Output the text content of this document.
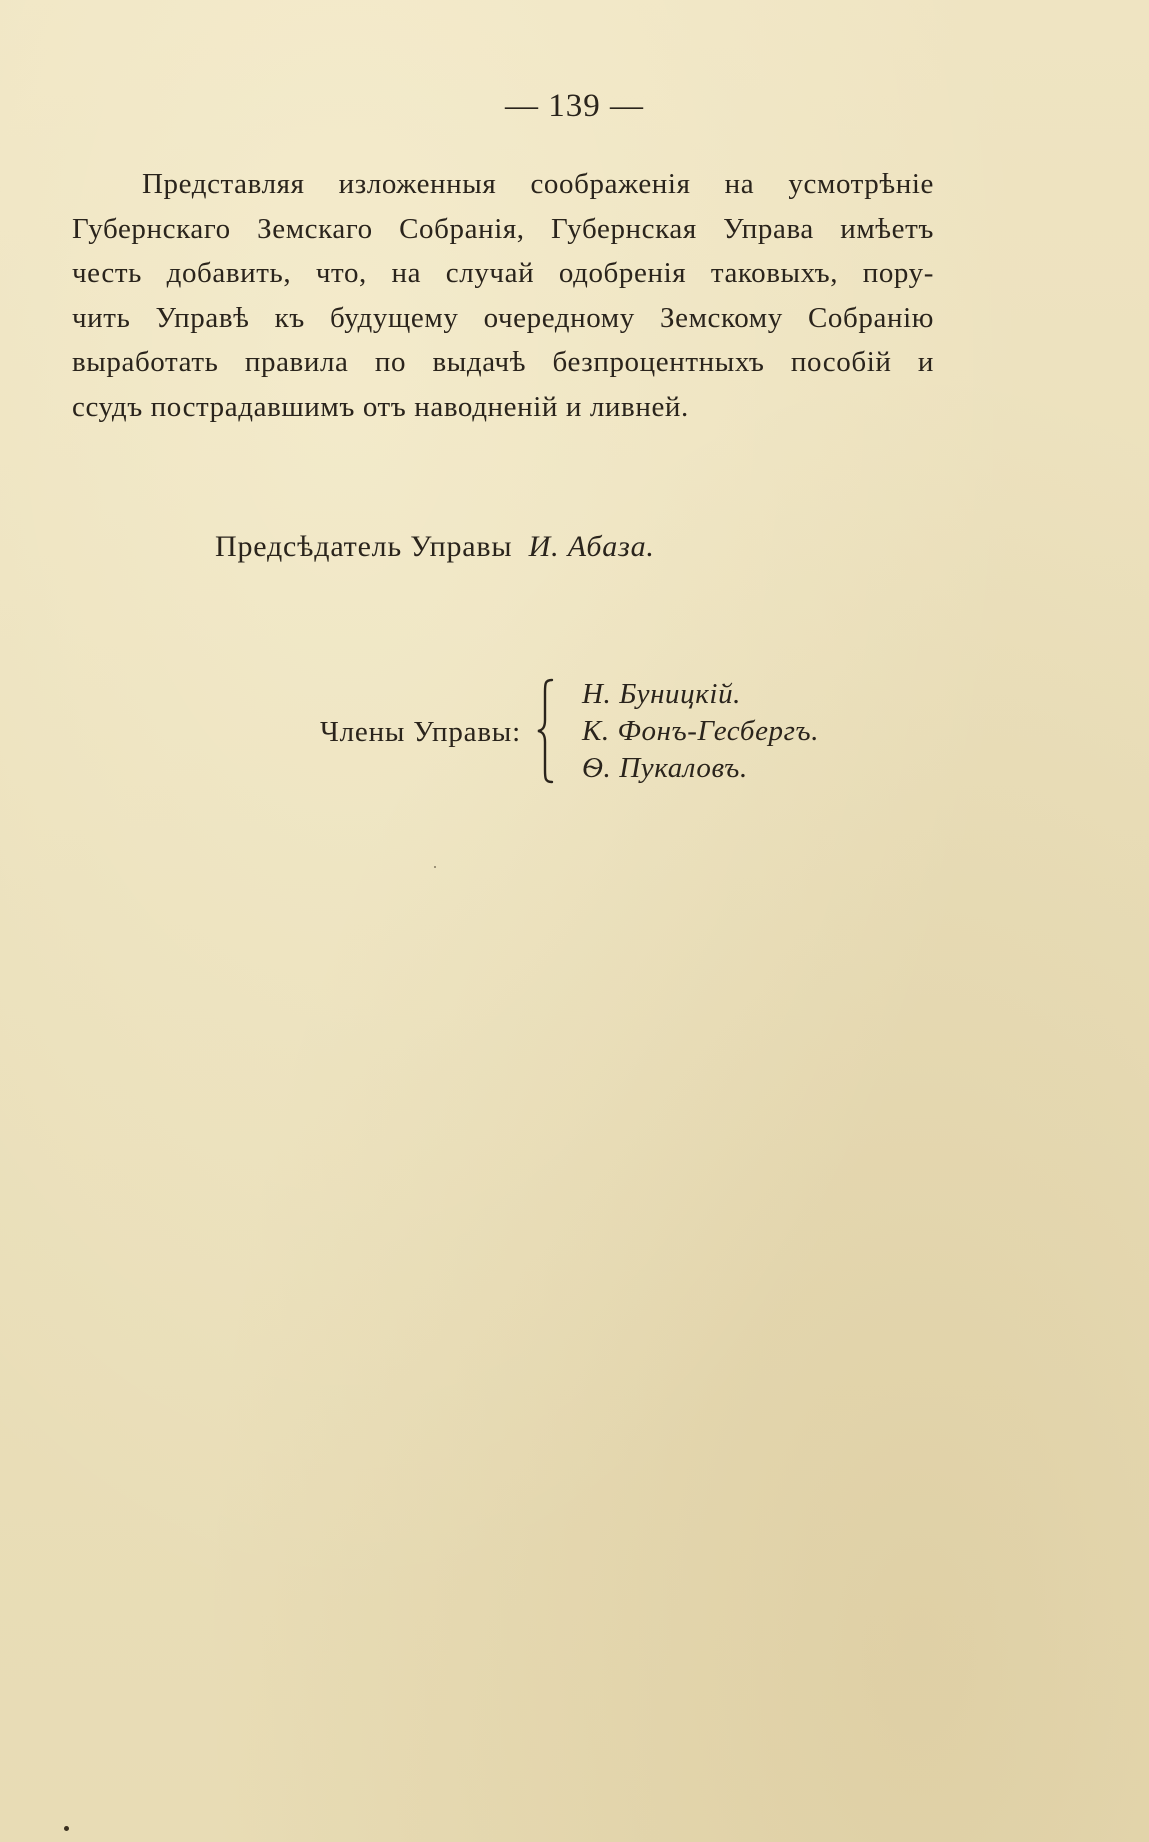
— 139 —
Представляя изложенныя соображенія на усмотрѣніе
Губернскаго Земскаго Собранія, Губернская Управа имѣетъ
честь добавить, что, на случай одобренія таковыхъ, пору-
чить Управѣ къ будущему очередному Земскому Собранію
выработать правила по выдачѣ безпроцентныхъ пособій и
ссудъ пострадавшимъ отъ наводненій и ливней.
Предсѣдатель Управы И. Абаза.
Члены Управы:
Н. Буницкій.
К. Фонъ-Гесбергъ.
Ѳ. Пукаловъ.
